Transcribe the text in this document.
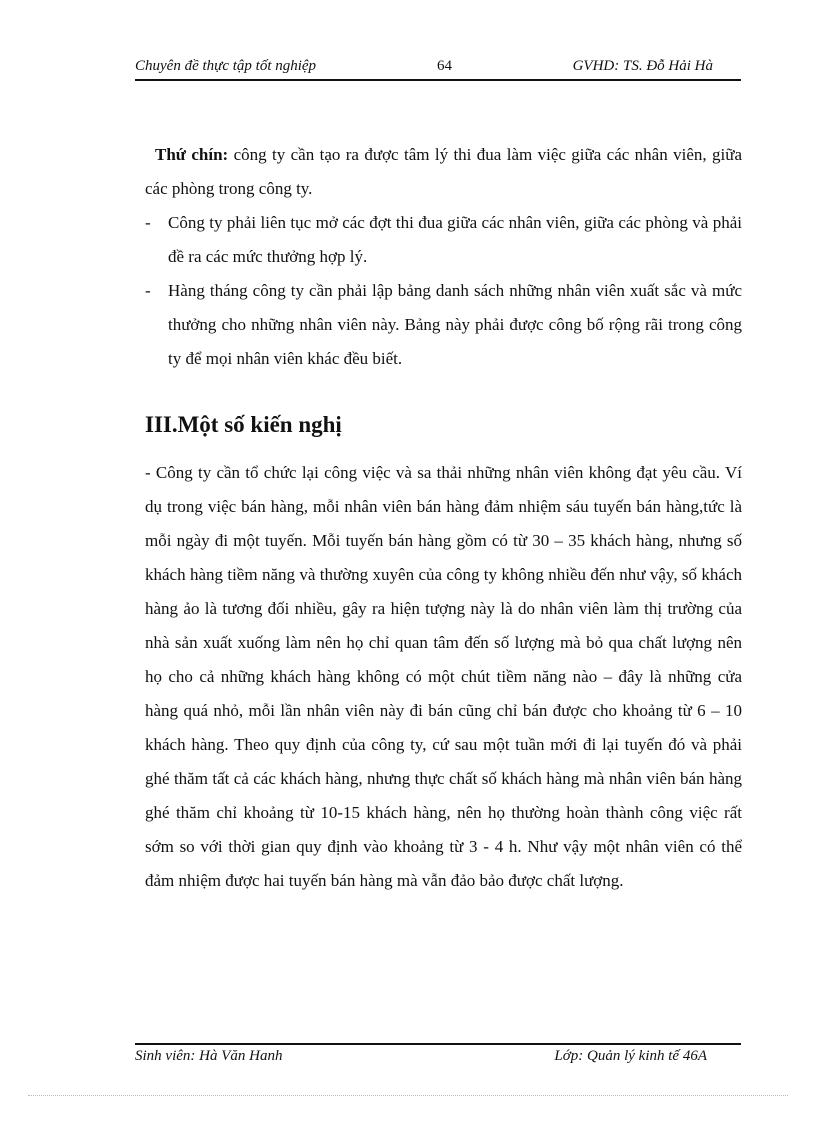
Chuyên đề thực tập tốt nghiệp	64	GVHD: TS. Đỗ Hải Hà
Thứ chín: công ty cần tạo ra được tâm lý thi đua làm việc giữa các nhân viên, giữa các phòng trong công ty.
- Công ty phải liên tục mở các đợt thi đua giữa các nhân viên, giữa các phòng và phải đề ra các mức thưởng hợp lý.
- Hàng tháng công ty cần phải lập bảng danh sách những nhân viên xuất sắc và mức thưởng cho những nhân viên này. Bảng này phải được công bố rộng rãi trong công ty để mọi nhân viên khác đều biết.
III.Một số kiến nghị
- Công ty cần tổ chức lại công việc và sa thải những nhân viên không đạt yêu cầu. Ví dụ trong việc bán hàng, mỗi nhân viên bán hàng đảm nhiệm sáu tuyến bán hàng,tức là mỗi ngày đi một tuyến. Mỗi tuyến bán hàng gồm có từ 30 – 35 khách hàng, nhưng số khách hàng tiềm năng và thường xuyên của công ty không nhiều đến như vậy, số khách hàng ảo là tương đối nhiều, gây ra hiện tượng này là do nhân viên làm thị trường của nhà sản xuất xuống làm nên họ chỉ quan tâm đến số lượng mà bỏ qua chất lượng nên họ cho cả những khách hàng không có một chút tiềm năng nào – đây là những cửa hàng quá nhỏ, mỗi lần nhân viên này đi bán cũng chỉ bán được cho khoảng từ 6 – 10 khách hàng. Theo quy định của công ty, cứ sau một tuần mới đi lại tuyến đó và phải ghé thăm tất cả các khách hàng, nhưng thực chất số khách hàng mà nhân viên bán hàng ghé thăm chỉ khoảng từ 10-15 khách hàng, nên họ thường hoàn thành công việc rất sớm so với thời gian quy định vào khoảng từ 3 - 4 h. Như vậy một nhân viên có thể đảm nhiệm được hai tuyến bán hàng mà vẫn đảo bảo được chất lượng.
Sinh viên: Hà Văn Hanh	Lớp: Quản lý kinh tế 46A
